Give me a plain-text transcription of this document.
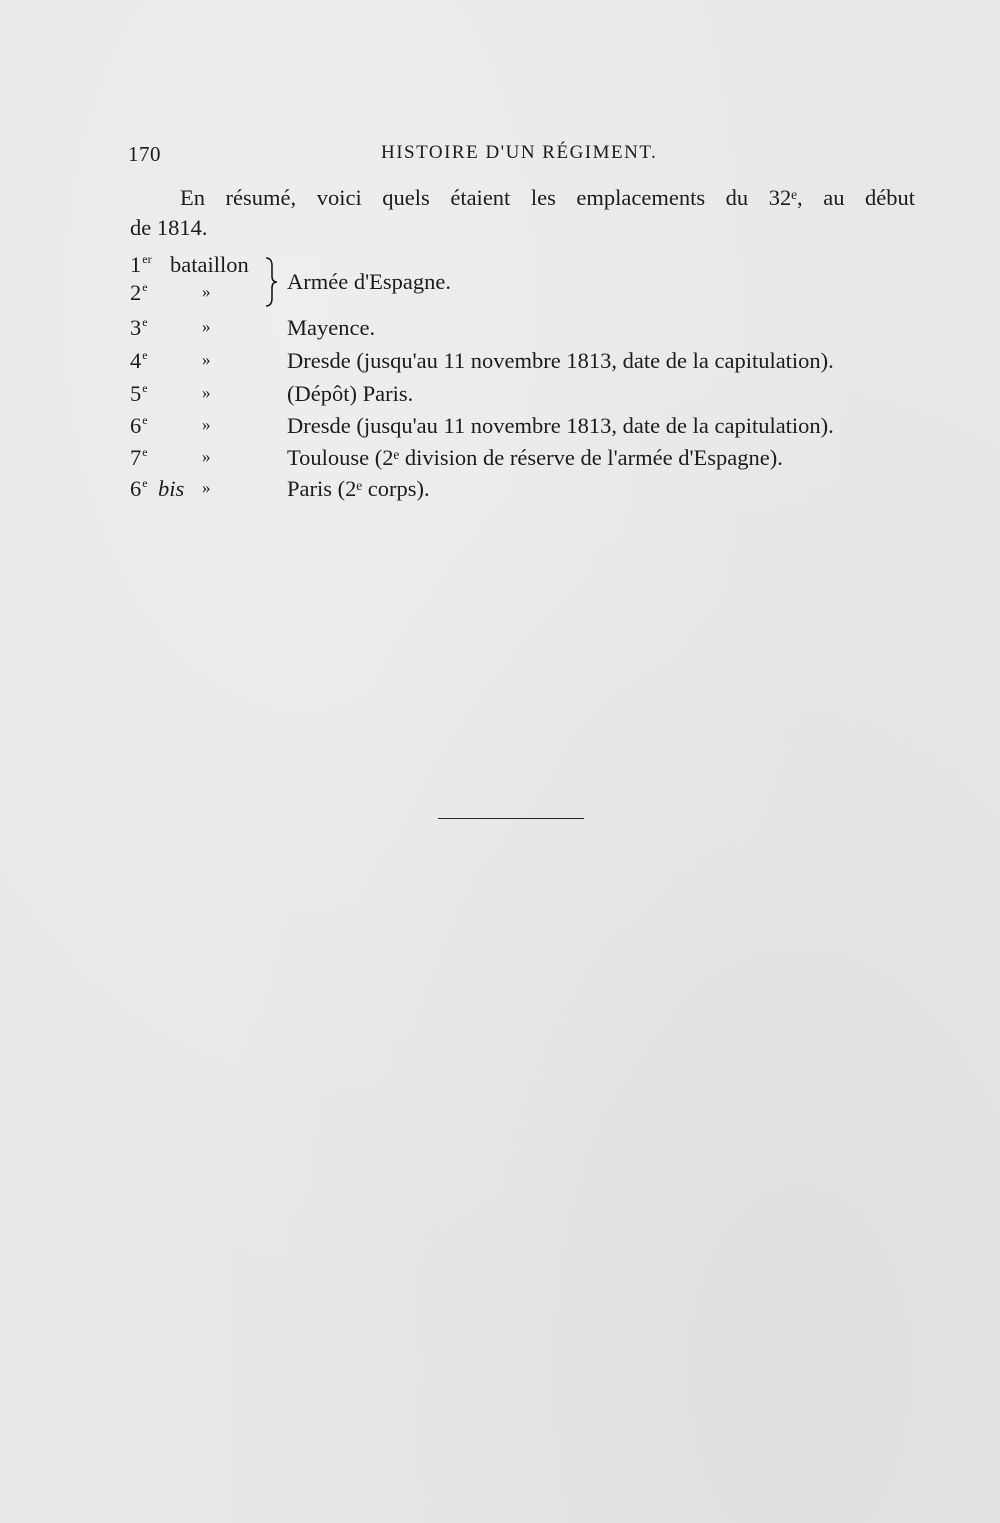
170	HISTOIRE D'UN RÉGIMENT.
En résumé, voici quels étaient les emplacements du 32ᵉ, au début
de 1814.
1er bataillon
2e	»	Armée d'Espagne.
3e	»	Mayence.
4e	»	Dresde (jusqu'au 11 novembre 1813, date de la capitulation).
5e	»	(Dépôt) Paris.
6e	»	Dresde (jusqu'au 11 novembre 1813, date de la capitulation).
7e	»	Toulouse (2ᵉ division de réserve de l'armée d'Espagne).
6e bis »	Paris (2ᵉ corps).
